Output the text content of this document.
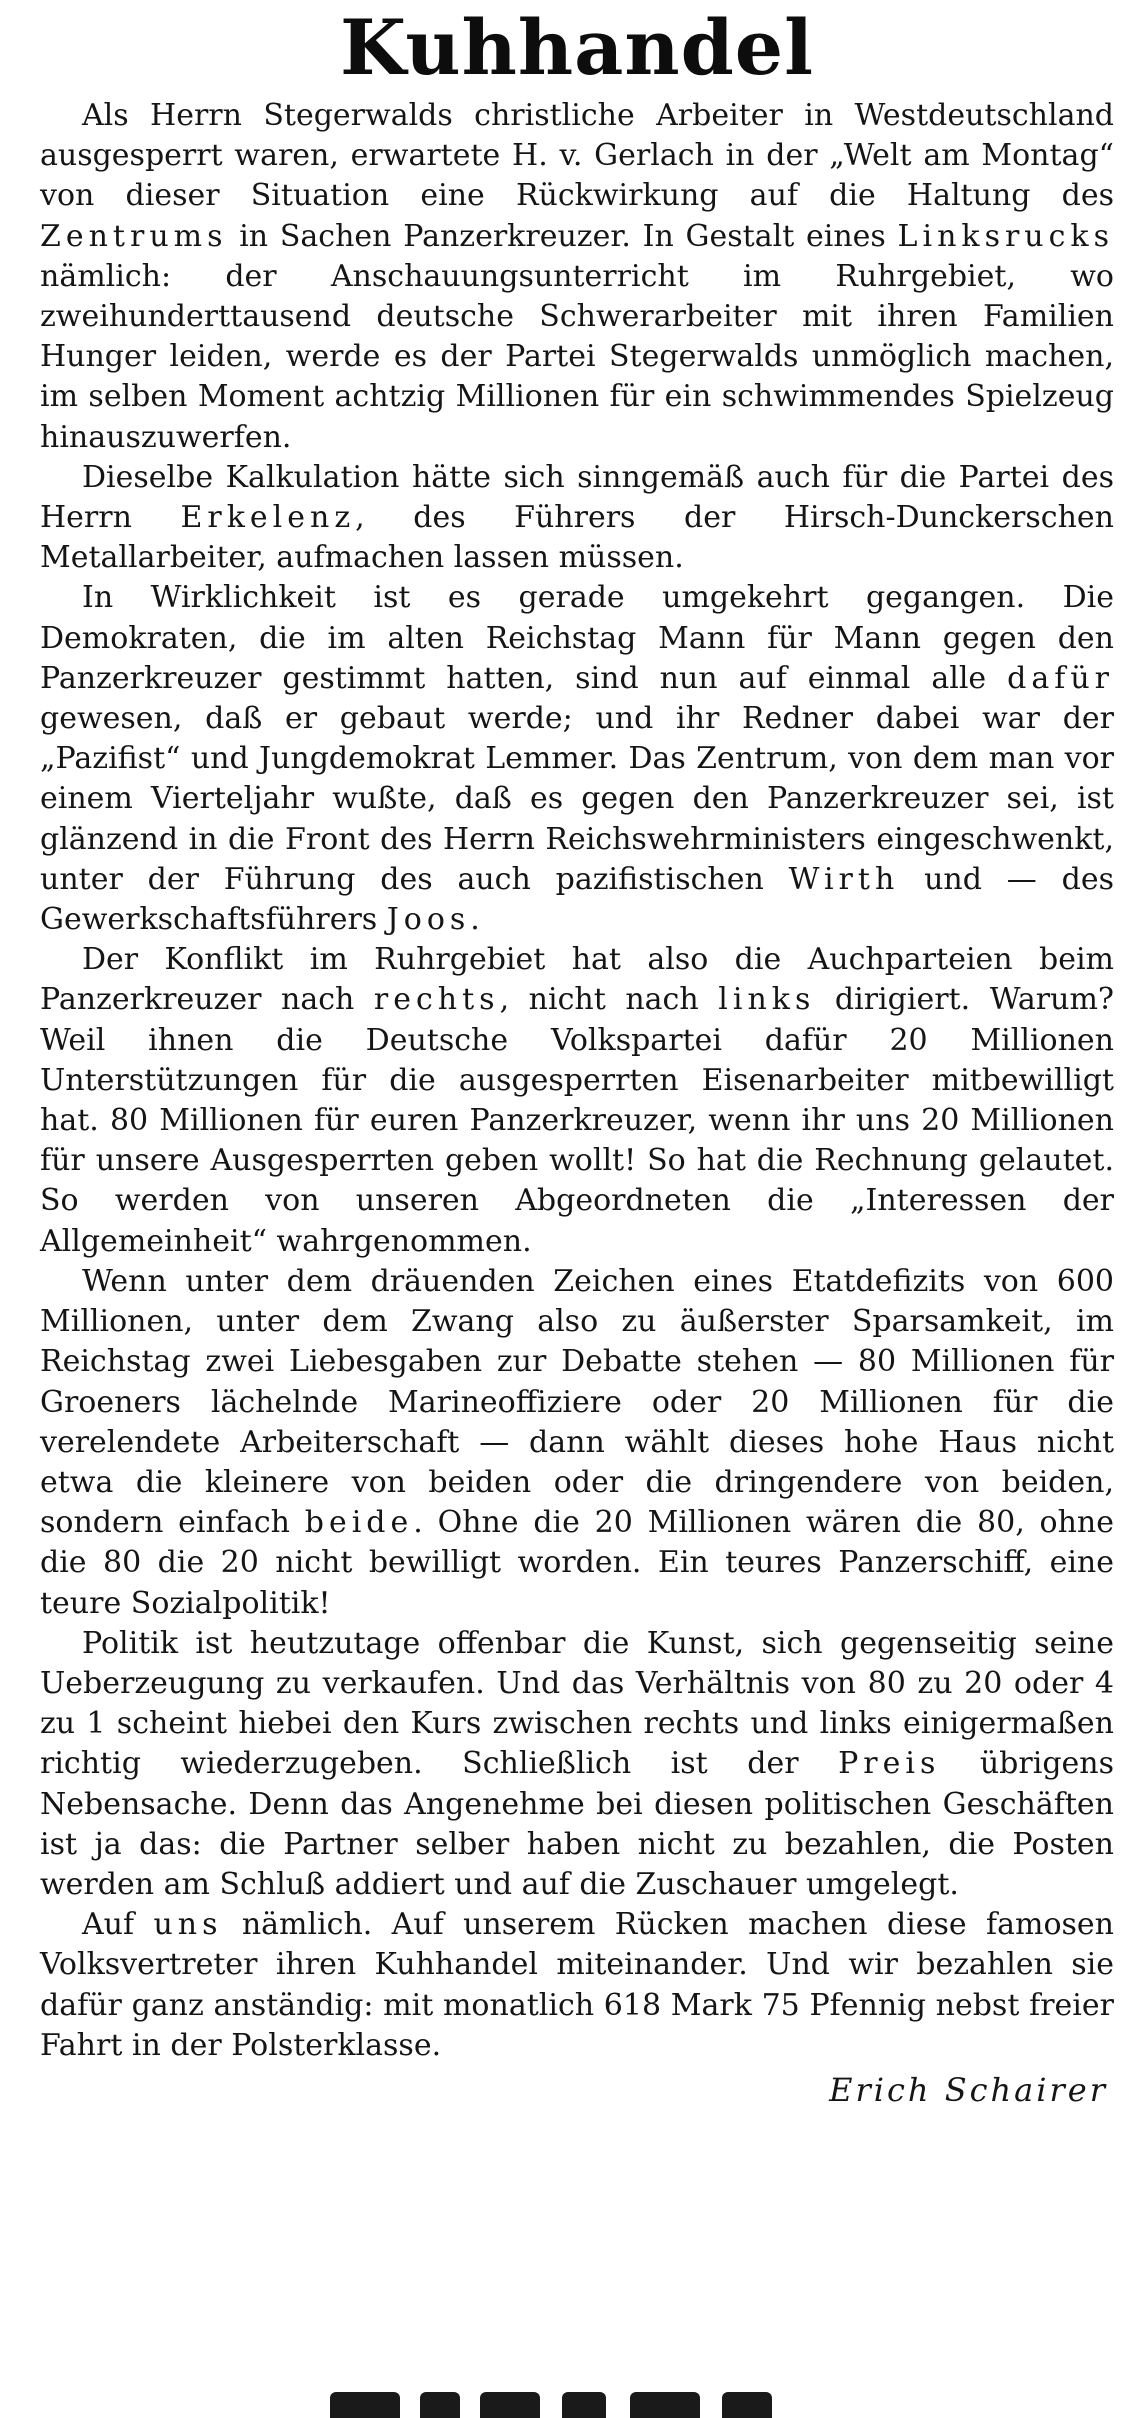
Kuhhandel

Als Herrn Stegerwalds christliche Arbeiter in Westdeutschland ausgesperrt waren, erwartete H. v. Gerlach in der „Welt am Montag“ von dieser Situation eine Rückwirkung auf die Haltung des Zentrums in Sachen Panzerkreuzer. In Gestalt eines Linksrucks nämlich: der Anschauungsunterricht im Ruhrgebiet, wo zweihunderttausend deutsche Schwerarbeiter mit ihren Familien Hunger leiden, werde es der Partei Stegerwalds unmöglich machen, im selben Moment achtzig Millionen für ein schwimmendes Spielzeug hinauszuwerfen.

Dieselbe Kalkulation hätte sich sinngemäß auch für die Partei des Herrn Erkelenz, des Führers der Hirsch-Dunckerschen Metallarbeiter, aufmachen lassen müssen.

In Wirklichkeit ist es gerade umgekehrt gegangen. Die Demokraten, die im alten Reichstag Mann für Mann gegen den Panzerkreuzer gestimmt hatten, sind nun auf einmal alle dafür gewesen, daß er gebaut werde; und ihr Redner dabei war der „Pazifist“ und Jungdemokrat Lemmer. Das Zentrum, von dem man vor einem Vierteljahr wußte, daß es gegen den Panzerkreuzer sei, ist glänzend in die Front des Herrn Reichswehrministers eingeschwenkt, unter der Führung des auch pazifistischen Wirth und — des Gewerkschaftsführers Joos.

Der Konflikt im Ruhrgebiet hat also die Auchparteien beim Panzerkreuzer nach rechts, nicht nach links dirigiert. Warum? Weil ihnen die Deutsche Volkspartei dafür 20 Millionen Unterstützungen für die ausgesperrten Eisenarbeiter mitbewilligt hat. 80 Millionen für euren Panzerkreuzer, wenn ihr uns 20 Millionen für unsere Ausgesperrten geben wollt! So hat die Rechnung gelautet. So werden von unseren Abgeordneten die „Interessen der Allgemeinheit“ wahrgenommen.

Wenn unter dem dräuenden Zeichen eines Etatdefizits von 600 Millionen, unter dem Zwang also zu äußerster Sparsamkeit, im Reichstag zwei Liebesgaben zur Debatte stehen — 80 Millionen für Groeners lächelnde Marineoffiziere oder 20 Millionen für die verelendete Arbeiterschaft — dann wählt dieses hohe Haus nicht etwa die kleinere von beiden oder die dringendere von beiden, sondern einfach beide. Ohne die 20 Millionen wären die 80, ohne die 80 die 20 nicht bewilligt worden. Ein teures Panzerschiff, eine teure Sozialpolitik!

Politik ist heutzutage offenbar die Kunst, sich gegenseitig seine Ueberzeugung zu verkaufen. Und das Verhältnis von 80 zu 20 oder 4 zu 1 scheint hiebei den Kurs zwischen rechts und links einigermaßen richtig wiederzugeben. Schließlich ist der Preis übrigens Nebensache. Denn das Angenehme bei diesen politischen Geschäften ist ja das: die Partner selber haben nicht zu bezahlen, die Posten werden am Schluß addiert und auf die Zuschauer umgelegt.

Auf uns nämlich. Auf unserem Rücken machen diese famosen Volksvertreter ihren Kuhhandel miteinander. Und wir bezahlen sie dafür ganz anständig: mit monatlich 618 Mark 75 Pfennig nebst freier Fahrt in der Polsterklasse.

Erich Schairer
